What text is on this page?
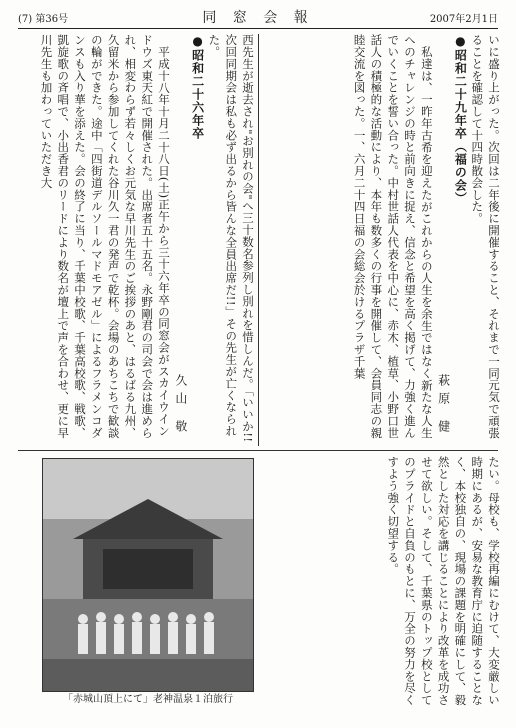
(7) 第36号	同 窓 会 報	2007年2月1日

いに盛り上がった。次回は二年後に開催すること、それまで一同元気で頑張ることを確認して十四時散会した。

●昭和二十九年卒（福の会）

萩原 健

私達は、一昨年古希を迎えたがこれからの人生を余生ではなく新たな人生へのチャレンジの時と前向きに捉え、信念と希望を高く掲げて、力強く進んでいくことを誓い合った。中村世話人代表を中心に、赤木、植草、小野口世話人の積極的な活動により、本年も数多くの行事を開催して、会員同志の親睦交流を図った。一、六月二十四日福の会総会於けるプラザ千葉

西先生が逝去され"お別れの会"へ三十数名参列し別れを惜しんだ。「いいか!!次回同期会は私も必ず出るから皆んな全員出席だ!!」その先生が亡くなられた。

●昭和二十六年卒

久山 敬

平成十八年十月二十八日(土)正午から三十六年卒の同窓会がスカイウインドウズ東天紅で開催された。出席者五十五名。永野剛君の司会で会は進められ、相変わらず若々しくお元気な早川先生のご挨拶のあと、はるばる九州、久留米から参加してくれた谷川久一君の発声で乾杯。会場のあちこちで歓談の輪ができた。途中「四街道デルソールマドモアゼル」によるフラメンコダンスも入り華を添えた。会の終了に当り、千葉中校歌、千葉高校歌、戦歌、凱旋歌の斉唱で、小出香君のリードにより数名が壇上で声を合わせ、更に早川先生も加わっていただき大

たい。母校も、学校再編にむけて、大変厳しい時期にあるが、安易な教育庁に迫随することなく、本校独自の、現場の課題を明確にして、毅然とした対応を講じることにより改革を成功させて欲しい。そして、千葉県のトップ校としてのプライドと自負のもとに、万全の努力を尽くすよう強く切望する。

「赤城山頂上にて」老神温泉１泊旅行
